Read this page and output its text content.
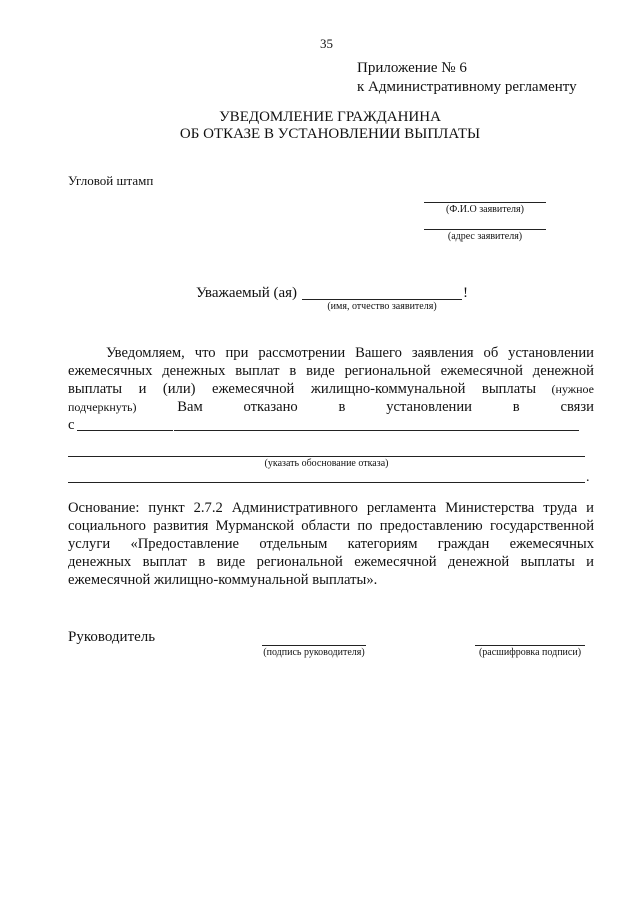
35
Приложение № 6
к Административному регламенту
УВЕДОМЛЕНИЕ ГРАЖДАНИНА
ОБ ОТКАЗЕ В УСТАНОВЛЕНИИ ВЫПЛАТЫ
Угловой штамп
(Ф.И.О заявителя)
(адрес заявителя)
Уважаемый (ая)	!
(имя, отчество заявителя)
Уведомляем, что при рассмотрении Вашего заявления об установлении
ежемесячных денежных выплат в виде региональной ежемесячной денежной
выплаты и (или) ежемесячной жилищно-коммунальной выплаты (нужное
подчеркнуть)	Вам	отказано	в	установлении	в	связи
с
(указать обоснование отказа)
.
Основание: пункт 2.7.2 Административного регламента Министерства труда и
социального развития Мурманской области по предоставлению государственной
услуги «Предоставление отдельным категориям граждан ежемесячных
денежных выплат в виде региональной ежемесячной денежной выплаты и
ежемесячной жилищно-коммунальной выплаты».
Руководитель
(подпись руководителя)	(расшифровка подписи)
